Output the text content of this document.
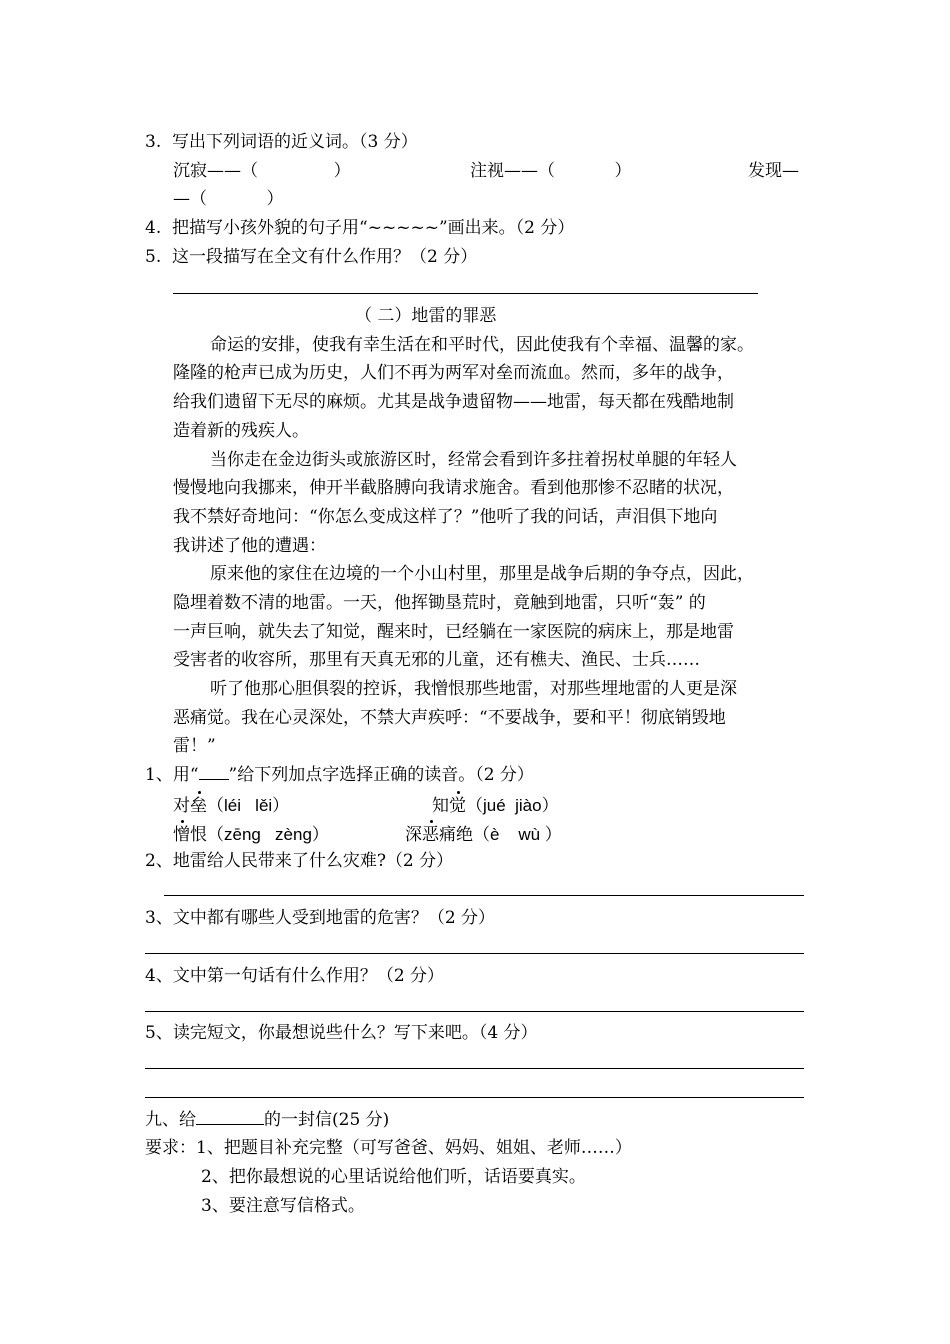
3.  写出下列词语的近义词。（3 分）
沉寂——（              ）	注视——（           ）	发现—
—（           ）
4.  把描写小孩外貌的句子用“~~~~~”画出来。（2 分）
5.  这一段描写在全文有什么作用？（2 分）
（ 二）地雷的罪恶
命运的安排，使我有幸生活在和平时代，因此使我有个幸福、温馨的家。
隆隆的枪声已成为历史，人们不再为两军对垒而流血。然而，多年的战争，
给我们遗留下无尽的麻烦。尤其是战争遗留物——地雷，每天都在残酷地制
造着新的残疾人。
当你走在金边街头或旅游区时，经常会看到许多拄着拐杖单腿的年轻人
慢慢地向我挪来，伸开半截胳膊向我请求施舍。看到他那惨不忍睹的状况，
我不禁好奇地问：“你怎么变成这样了？”他听了我的问话，声泪俱下地向
我讲述了他的遭遇：
原来他的家住在边境的一个小山村里，那里是战争后期的争夺点，因此，
隐埋着数不清的地雷。一天，他挥锄垦荒时，竟触到地雷，只听“轰” 的
一声巨响，就失去了知觉，醒来时，已经躺在一家医院的病床上，那是地雷
受害者的收容所，那里有天真无邪的儿童，还有樵夫、渔民、士兵……
听了他那心胆俱裂的控诉，我憎恨那些地雷，对那些埋地雷的人更是深
恶痛觉。我在心灵深处，不禁大声疾呼：“不要战争，要和平！彻底销毁地
雷！”
1、用“ ”给下列加点字选择正确的读音。（2 分）
对垒（léi   lěi）	知觉（jué  jiào）
憎恨（zēng   zèng）	深恶痛绝（è    wù ）
2、地雷给人民带来了什么灾难?（2 分）
3、文中都有哪些人受到地雷的危害？（2 分）
4、文中第一句话有什么作用？（2 分）
5、读完短文，你最想说些什么？写下来吧。（4 分）
九、给	的一封信(25 分)
要求：1、把题目补充完整（可写爸爸、妈妈、姐姐、老师……）
2、把你最想说的心里话说给他们听，话语要真实。
3、要注意写信格式。
